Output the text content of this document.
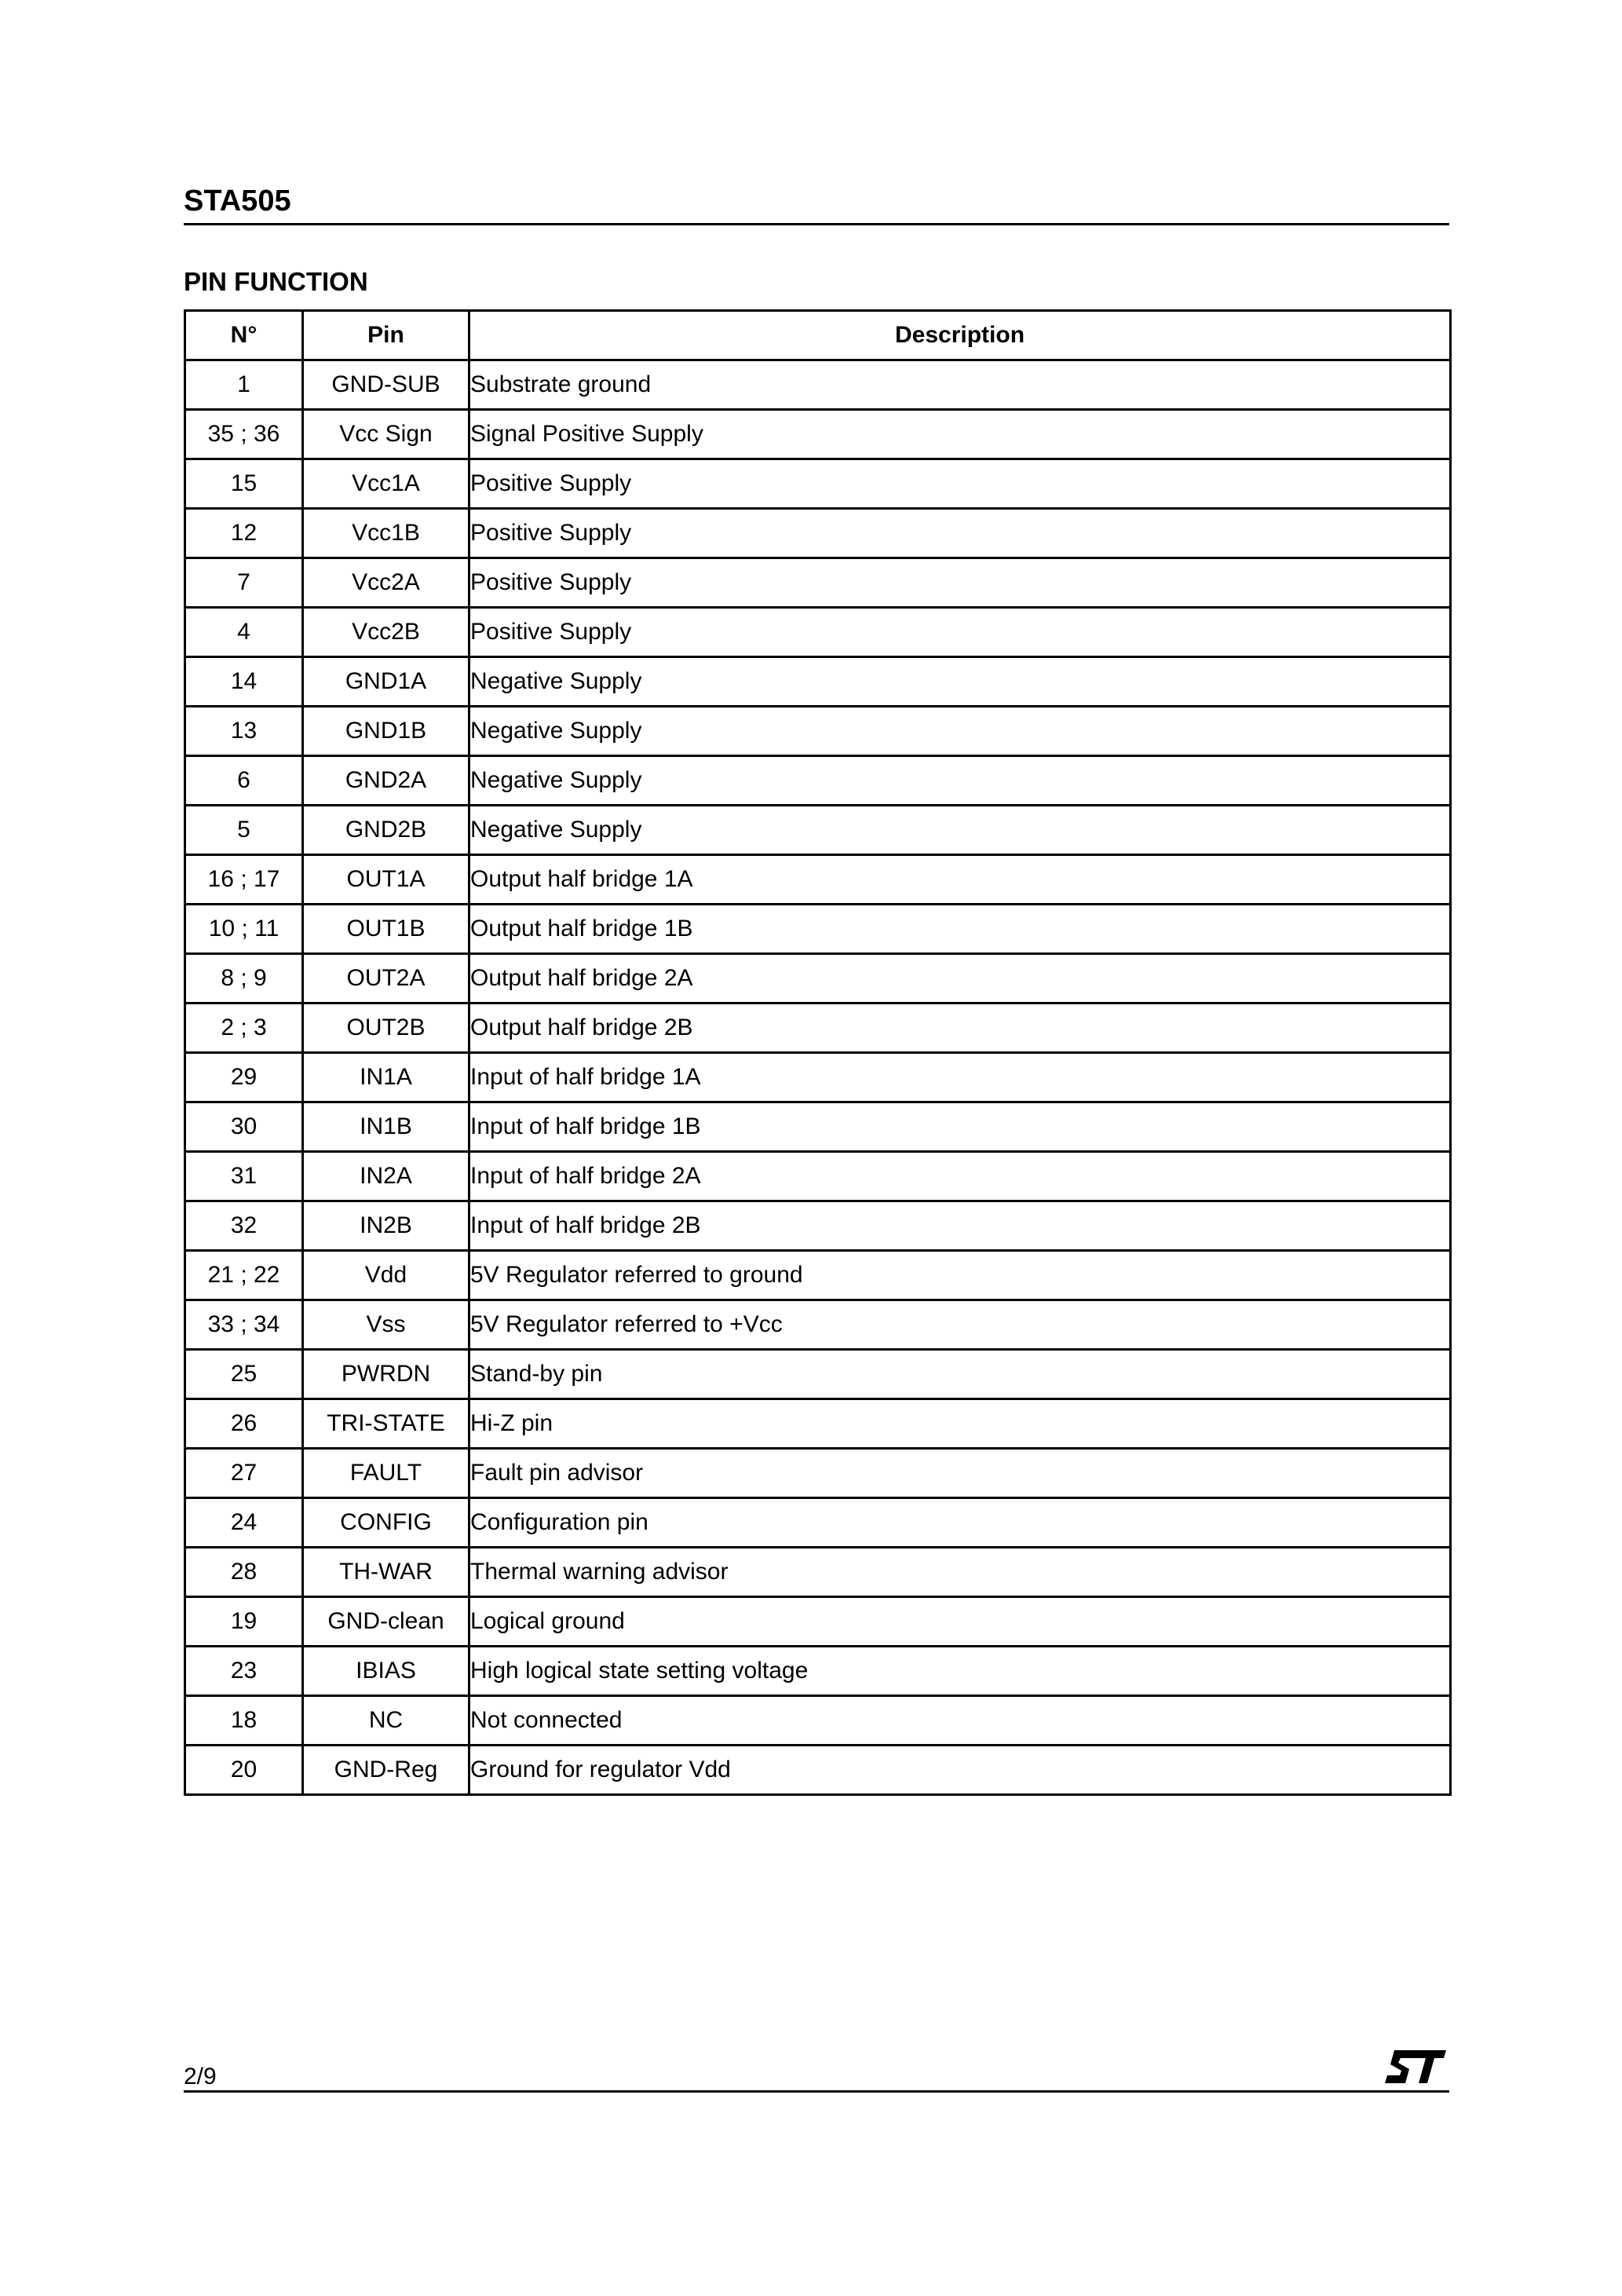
STA505
PIN FUNCTION
N°	Pin	Description
1	GND-SUB	Substrate ground
35 ; 36	Vcc Sign	Signal Positive Supply
15	Vcc1A	Positive Supply
12	Vcc1B	Positive Supply
7	Vcc2A	Positive Supply
4	Vcc2B	Positive Supply
14	GND1A	Negative Supply
13	GND1B	Negative Supply
6	GND2A	Negative Supply
5	GND2B	Negative Supply
16 ; 17	OUT1A	Output half bridge 1A
10 ; 11	OUT1B	Output half bridge 1B
8 ; 9	OUT2A	Output half bridge 2A
2 ; 3	OUT2B	Output half bridge 2B
29	IN1A	Input of half bridge 1A
30	IN1B	Input of half bridge 1B
31	IN2A	Input of half bridge 2A
32	IN2B	Input of half bridge 2B
21 ; 22	Vdd	5V Regulator referred to ground
33 ; 34	Vss	5V Regulator referred to +Vcc
25	PWRDN	Stand-by pin
26	TRI-STATE	Hi-Z pin
27	FAULT	Fault pin advisor
24	CONFIG	Configuration pin
28	TH-WAR	Thermal warning advisor
19	GND-clean	Logical ground
23	IBIAS	High logical state setting voltage
18	NC	Not connected
20	GND-Reg	Ground for regulator Vdd
2/9
